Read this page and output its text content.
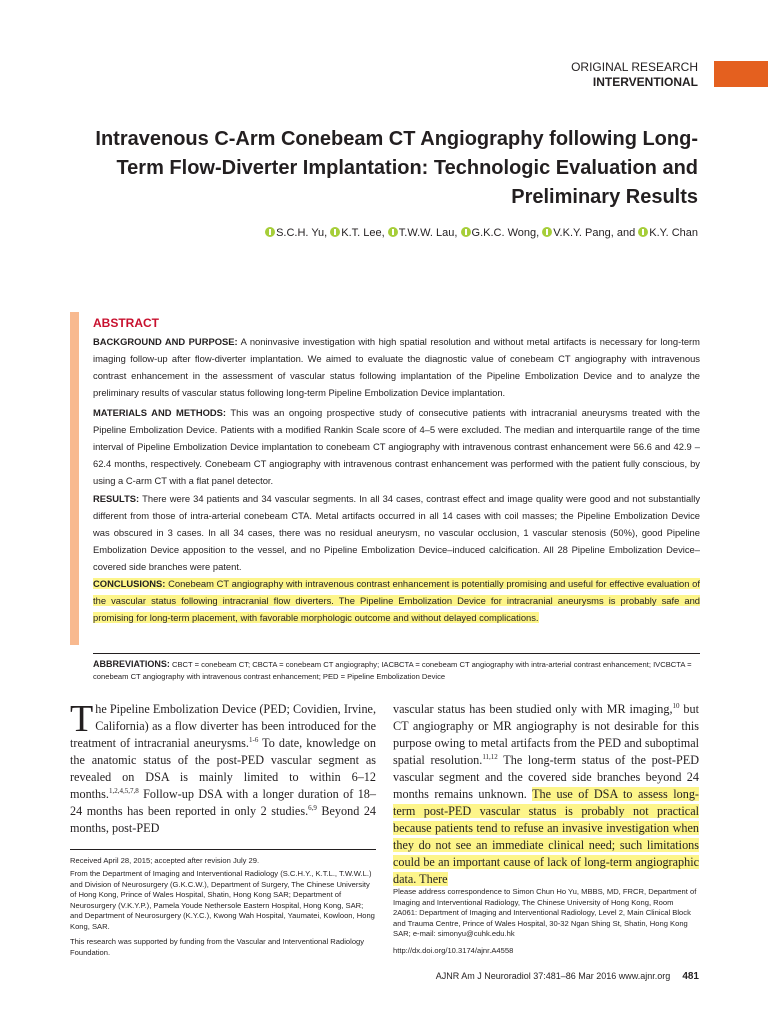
ORIGINAL RESEARCH
INTERVENTIONAL
Intravenous C-Arm Conebeam CT Angiography following Long-Term Flow-Diverter Implantation: Technologic Evaluation and Preliminary Results
S.C.H. Yu, K.T. Lee, T.W.W. Lau, G.K.C. Wong, V.K.Y. Pang, and K.Y. Chan
ABSTRACT

BACKGROUND AND PURPOSE: A noninvasive investigation with high spatial resolution and without metal artifacts is necessary for long-term imaging follow-up after flow-diverter implantation. We aimed to evaluate the diagnostic value of conebeam CT angiography with intravenous contrast enhancement in the assessment of vascular status following implantation of the Pipeline Embolization Device and to analyze the preliminary results of vascular status following long-term Pipeline Embolization Device implantation.

MATERIALS AND METHODS: This was an ongoing prospective study of consecutive patients with intracranial aneurysms treated with the Pipeline Embolization Device. Patients with a modified Rankin Scale score of 4–5 were excluded. The median and interquartile range of the time interval of Pipeline Embolization Device implantation to conebeam CT angiography with intravenous contrast enhancement were 56.6 and 42.9 – 62.4 months, respectively. Conebeam CT angiography with intravenous contrast enhancement was performed with the patient fully conscious, by using a C-arm CT with a flat panel detector.

RESULTS: There were 34 patients and 34 vascular segments. In all 34 cases, contrast effect and image quality were good and not substantially different from those of intra-arterial conebeam CTA. Metal artifacts occurred in all 14 cases with coil masses; the Pipeline Embolization Device was obscured in 3 cases. In all 34 cases, there was no residual aneurysm, no vascular occlusion, 1 vascular stenosis (50%), good Pipeline Embolization Device apposition to the vessel, and no Pipeline Embolization Device–induced calcification. All 28 Pipeline Embolization Device– covered side branches were patent.

CONCLUSIONS: Conebeam CT angiography with intravenous contrast enhancement is potentially promising and useful for effective evaluation of the vascular status following intracranial flow diverters. The Pipeline Embolization Device for intracranial aneurysms is probably safe and promising for long-term placement, with favorable morphologic outcome and without delayed complications.

ABBREVIATIONS: CBCT = conebeam CT; CBCTA = conebeam CT angiography; IACBCTA = conebeam CT angiography with intra-arterial contrast enhancement; IVCBCTA = conebeam CT angiography with intravenous contrast enhancement; PED = Pipeline Embolization Device

The Pipeline Embolization Device (PED; Covidien, Irvine, California) as a flow diverter has been introduced for the treatment of intracranial aneurysms.$^{1-6}$ To date, knowledge on the anatomic status of the post-PED vascular segment as revealed on DSA is mainly limited to within 6–12 months.$^{1,2,4,5,7,8}$ Follow-up DSA with a longer duration of 18–24 months has been reported in only 2 studies.$^{6,9}$ Beyond 24 months, post-PED

vascular status has been studied only with MR imaging,$^{10}$ but CT angiography or MR angiography is not desirable for this purpose owing to metal artifacts from the PED and suboptimal spatial resolution.$^{11,12}$ The long-term status of the post-PED vascular segment and the covered side branches beyond 24 months remains unknown. The use of DSA to assess long-term post-PED vascular status is probably not practical because patients tend to refuse an invasive investigation when they do not see an immediate clinical need; such limitations could be an important cause of lack of long-term angiographic data. There

Received April 28, 2015; accepted after revision July 29.

From the Department of Imaging and Interventional Radiology (S.C.H.Y., K.T.L., T.W.W.L.) and Division of Neurosurgery (G.K.C.W.), Department of Surgery, The Chinese University of Hong Kong, Prince of Wales Hospital, Shatin, Hong Kong SAR; Department of Neurosurgery (V.K.Y.P.), Pamela Youde Nethersole Eastern Hospital, Hong Kong, SAR; and Department of Neurosurgery (K.Y.C.), Kwong Wah Hospital, Yaumatei, Kowloon, Hong Kong, SAR.

This research was supported by funding from the Vascular and Interventional Radiology Foundation.

Please address correspondence to Simon Chun Ho Yu, MBBS, MD, FRCR, Department of Imaging and Interventional Radiology, The Chinese University of Hong Kong, Room 2A061: Department of Imaging and Interventional Radiology, Level 2, Main Clinical Block and Trauma Centre, Prince of Wales Hospital, 30-32 Ngan Shing St, Shatin, Hong Kong SAR; e-mail: simonyu@cuhk.edu.hk

http://dx.doi.org/10.3174/ajnr.A4558

AJNR Am J Neuroradiol 37:481–86 Mar 2016 www.ajnr.org 481
